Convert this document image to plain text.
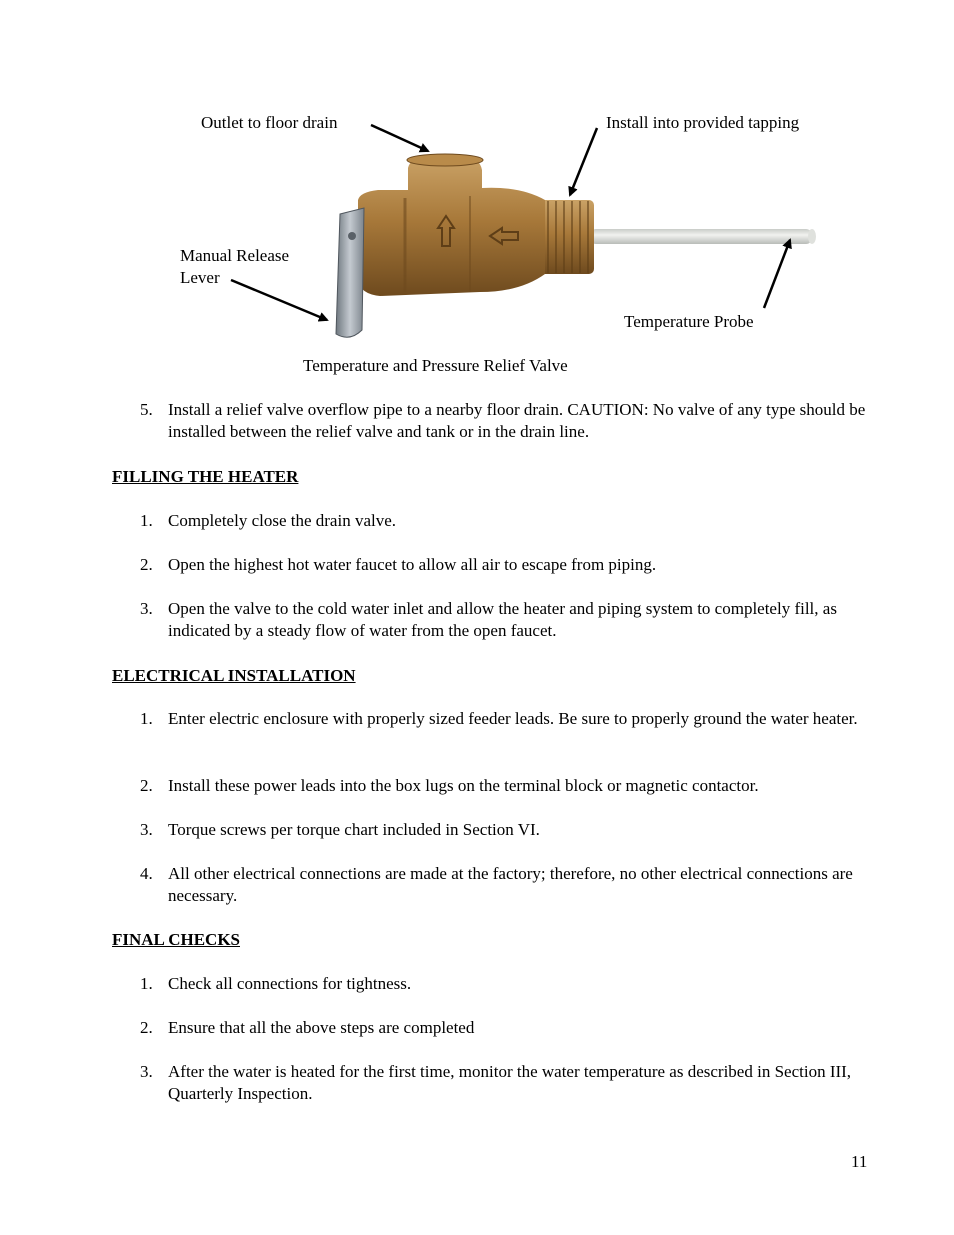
Outlet to floor drain	Install into provided tapping
Manual Release
Lever
Temperature Probe
Temperature and Pressure Relief Valve
5. Install a relief valve overflow pipe to a nearby floor drain. CAUTION: No valve of any type should be installed between the relief valve and tank or in the drain line.
FILLING THE HEATER
1. Completely close the drain valve.
2. Open the highest hot water faucet to allow all air to escape from piping.
3. Open the valve to the cold water inlet and allow the heater and piping system to completely fill, as indicated by a steady flow of water from the open faucet.
ELECTRICAL INSTALLATION
1. Enter electric enclosure with properly sized feeder leads. Be sure to properly ground the water heater.
2. Install these power leads into the box lugs on the terminal block or magnetic contactor.
3. Torque screws per torque chart included in Section VI.
4. All other electrical connections are made at the factory; therefore, no other electrical connections are necessary.
FINAL CHECKS
1. Check all connections for tightness.
2. Ensure that all the above steps are completed
3. After the water is heated for the first time, monitor the water temperature as described in Section III, Quarterly Inspection.
11
